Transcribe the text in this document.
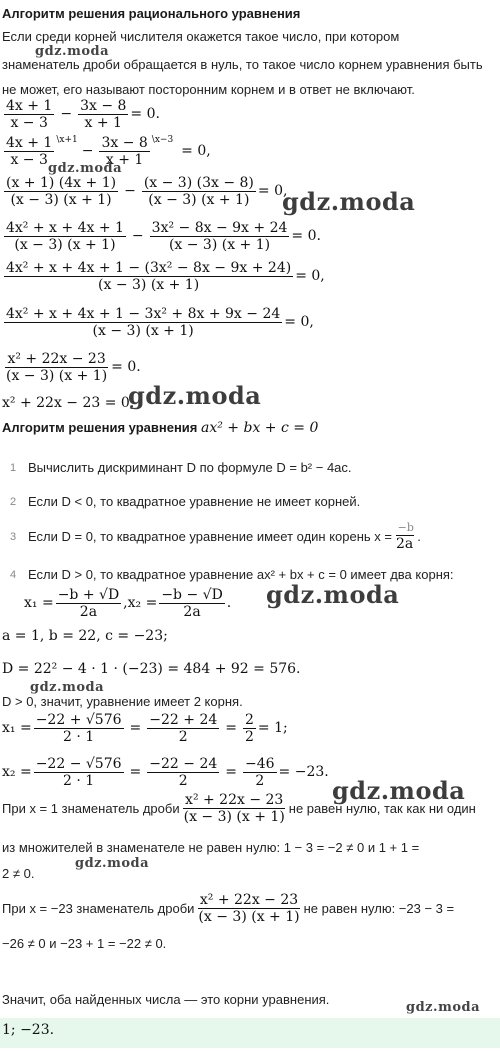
Алгоритм решения рационального уравнения
Если среди корней числителя окажется такое число, при котором
знаменатель дроби обращается в нуль, то такое число корнем уравнения быть
не может, его называют посторонним корнем и в ответ не включают.
$\frac{4x + 1}{x - 3} - \frac{3x - 8}{x + 1} = 0$.
$\frac{4x + 1}{x - 3}$ \x+1
− $\frac{3x - 8}{x + 1}$ \x−3
= 0,
$\frac{(x + 1) (4x + 1)}{(x - 3) (x + 1)} - \frac{(x - 3) (3x - 8)}{(x - 3) (x + 1)} = 0$,
$\frac{\text{4x² + x + 4x + 1}}{(x - 3) (x + 1)} - \frac{\text{3x² − 8x − 9x + 24}}{(x - 3) (x + 1)} = 0$.
$\frac{\text{4x² + x + 4x + 1 − (3x² − 8x − 9x + 24)}}{(x - 3) (x + 1)} = 0$,
$\frac{\text{4x² + x + 4x + 1 − 3x² + 8x + 9x − 24}}{(x - 3) (x + 1)} = 0$,
$\frac{\text{x² + 22x − 23}}{(x - 3) (x + 1)} = 0$.
x² + 22x − 23 = 0.
Алгоритм решения уравнения ax² + bx + c = 0
1 Вычислить дискриминант D по формуле D = b² − 4ac.
2 Если D < 0, то квадратное уравнение не имеет корней.
3 Если D = 0, то квадратное уравнение имеет один корень $x = \frac{-b}{2a}$ .
4 Если D > 0, то квадратное уравнение ax² + bx + c = 0 имеет два корня:
$x_1 = \frac{-b + √D}{2a}$ , $x_2 = \frac{-b - √D}{2a}$ .
a = 1, b = 22, c = −23;
D = 22² − 4 · 1 · (−23) = 484 + 92 = 576.
D > 0, значит, уравнение имеет 2 корня.
$x_1 = \frac{-22 + √576}{2 \cdot 1} = \frac{-22 + 24}{2} = \frac{2}{2} = 1$;
$x_2 = \frac{-22 - √576}{2 \cdot 1} = \frac{-22 - 24}{2} = \frac{-46}{2} = -23$.
При x = 1 знаменатель дроби $\frac{\text{x² + 22x − 23}}{(x - 3) (x + 1)}$ не равен нулю, так как ни один
из множителей в знаменателе не равен нулю: 1 − 3 = −2 ≠ 0 и 1 + 1 =
2 ≠ 0.
При x = −23 знаменатель дроби $\frac{\text{x² + 22x − 23}}{(x - 3) (x + 1)}$ не равен нулю: −23 − 3 =
−26 ≠ 0 и −23 + 1 = −22 ≠ 0.
Значит, оба найденных числа — это корни уравнения.
1; −23.
gdz.moda
gdz.moda
gdz.moda
gdz.moda
gdz.moda
gdz.moda
gdz.moda
gdz.moda
gdz.moda
